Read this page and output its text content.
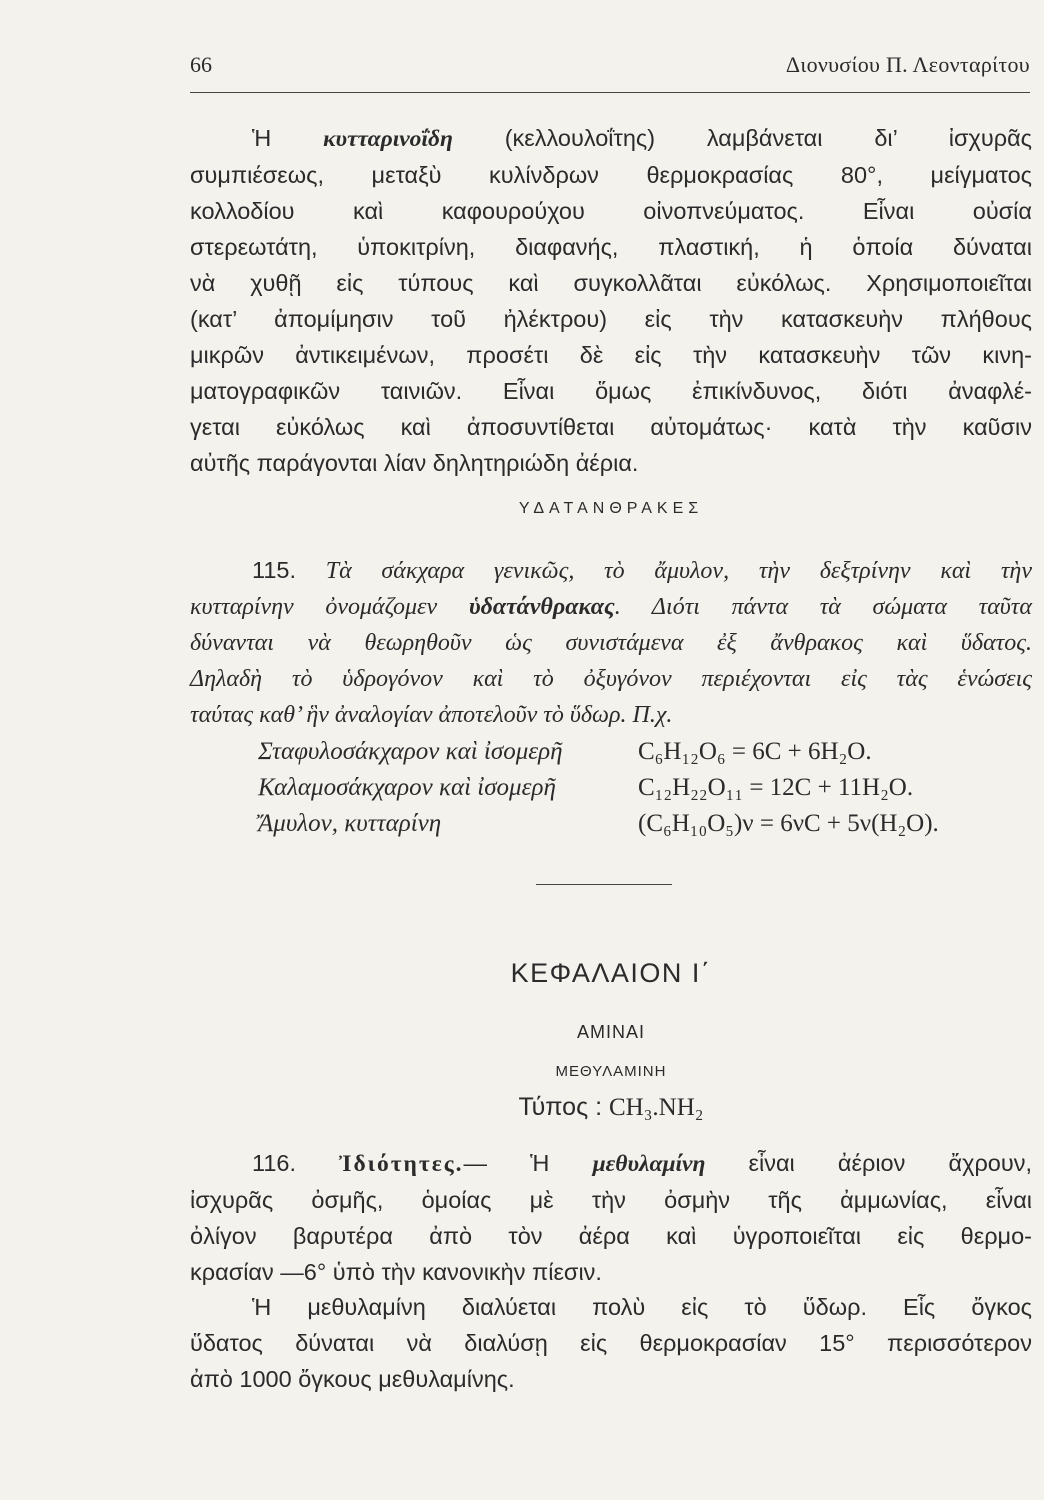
66	Διονυσίου Π. Λεονταρίτου
Ἡ κυτταρινοΐδη (κελλουλοΐτης) λαμβάνεται δι’ ἰσχυρᾶς
συμπιέσεως, μεταξὺ κυλίνδρων θερμοκρασίας 80°, μείγματος
κολλοδίου καὶ καφουρούχου οἰνοπνεύματος. Εἶναι οὐσία
στερεωτάτη, ὑποκιτρίνη, διαφανής, πλαστική, ἡ ὁποία δύναται
νὰ χυθῇ εἰς τύπους καὶ συγκολλᾶται εὐκόλως. Χρησιμοποιεῖται
(κατ’ ἀπομίμησιν τοῦ ἠλέκτρου) εἰς τὴν κατασκευὴν πλήθους
μικρῶν ἀντικειμένων, προσέτι δὲ εἰς τὴν κατασκευὴν τῶν κινη-
ματογραφικῶν ταινιῶν. Εἶναι ὅμως ἐπικίνδυνος, διότι ἀναφλέ-
γεται εὐκόλως καὶ ἀποσυντίθεται αὐτομάτως· κατὰ τὴν καῦσιν
αὐτῆς παράγονται λίαν δηλητηριώδη ἀέρια.
ΥΔΑΤΑΝΘΡΑΚΕΣ
115. Τὰ σάκχαρα γενικῶς, τὸ ἄμυλον, τὴν δεξτρίνην καὶ τὴν
κυτταρίνην ὀνομάζομεν ὑδατάνθρακας. Διότι πάντα τὰ σώματα ταῦτα
δύνανται νὰ θεωρηθοῦν ὡς συνιστάμενα ἐξ ἄνθρακος καὶ ὕδατος.
Δηλαδὴ τὸ ὑδρογόνον καὶ τὸ ὀξυγόνον περιέχονται εἰς τὰς ἑνώσεις
ταύτας καθ’ ἣν ἀναλογίαν ἀποτελοῦν τὸ ὕδωρ. Π.χ.
Σταφυλοσάκχαρον καὶ ἰσομερῆ	C₆H₁₂O₆ = 6C + 6H₂O.
Καλαμοσάκχαρον καὶ ἰσομερῆ	C₁₂H₂₂O₁₁ = 12C + 11H₂O.
Ἄμυλον, κυτταρίνη	(C₆H₁₀O₅)ν = 6νC + 5ν(H₂O).
ΚΕΦΑΛΑΙΟΝ Ι΄
ΑΜΙΝΑΙ
ΜΕΘΥΛΑΜΙΝΗ
Τύπος : CH₃.NH₂
116. Ἰδιότητες.— Ἡ μεθυλαμίνη εἶναι ἀέριον ἄχρουν,
ἰσχυρᾶς ὀσμῆς, ὁμοίας μὲ τὴν ὀσμὴν τῆς ἀμμωνίας, εἶναι
ὀλίγον βαρυτέρα ἀπὸ τὸν ἀέρα καὶ ὑγροποιεῖται εἰς θερμο-
κρασίαν —6° ὑπὸ τὴν κανονικὴν πίεσιν.
Ἡ μεθυλαμίνη διαλύεται πολὺ εἰς τὸ ὕδωρ. Εἷς ὄγκος
ὕδατος δύναται νὰ διαλύσῃ εἰς θερμοκρασίαν 15° περισσότερον
ἀπὸ 1000 ὄγκους μεθυλαμίνης.
